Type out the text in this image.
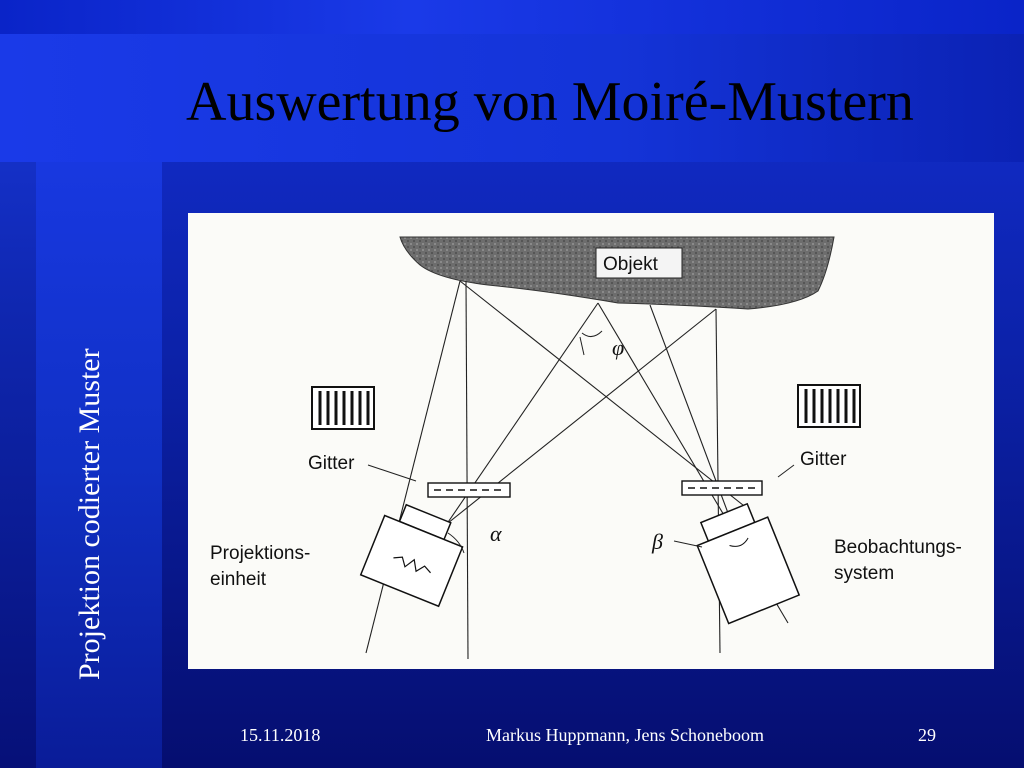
Auswertung von Moiré-Mustern
Projektion codierter Muster
Objekt
φ
Gitter	Gitter
α
Projektions-
einheit
β	Beobachtungs-
system
15.11.2018	Markus Huppmann, Jens Schoneboom	29
